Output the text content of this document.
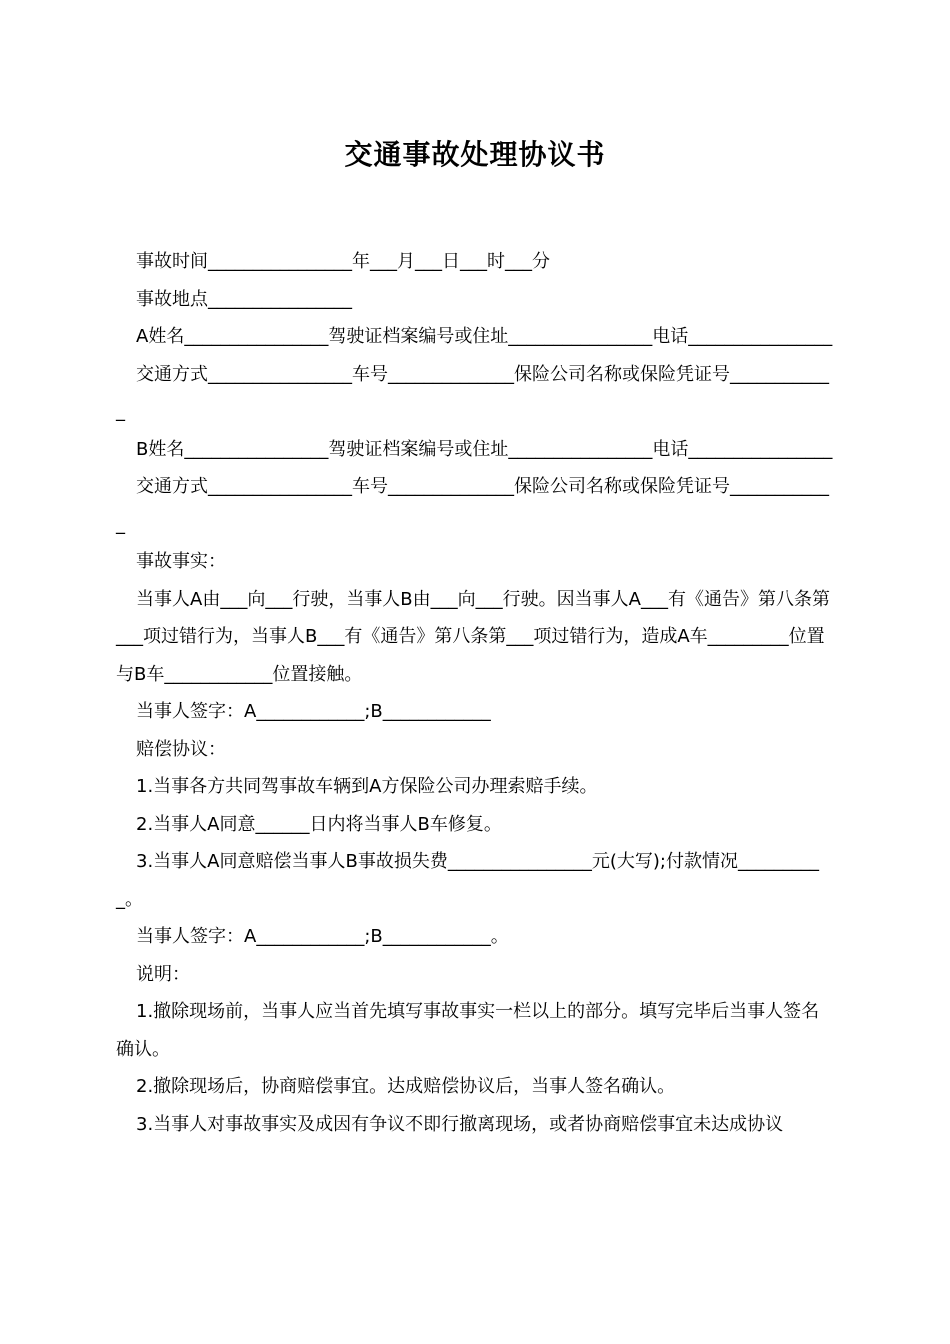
交通事故处理协议书

事故时间________________年___月___日___时___分

事故地点________________

A姓名________________驾驶证档案编号或住址________________电话________________

交通方式________________车号______________保险公司名称或保险凭证号____________

B姓名________________驾驶证档案编号或住址________________电话________________

交通方式________________车号______________保险公司名称或保险凭证号____________

事故事实：

当事人A由___向___行驶，当事人B由___向___行驶。因当事人A___有《通告》第八条第___项过错行为，当事人B___有《通告》第八条第___项过错行为，造成A车_________位置与B车____________位置接触。

当事人签字：A____________;B____________

赔偿协议：

1.当事各方共同驾事故车辆到A方保险公司办理索赔手续。

2.当事人A同意______日内将当事人B车修复。

3.当事人A同意赔偿当事人B事故损失费________________元(大写);付款情况__________。

当事人签字：A____________;B____________。

说明：

1.撤除现场前，当事人应当首先填写事故事实一栏以上的部分。填写完毕后当事人签名确认。

2.撤除现场后，协商赔偿事宜。达成赔偿协议后，当事人签名确认。

3.当事人对事故事实及成因有争议不即行撤离现场，或者协商赔偿事宜未达成协议
